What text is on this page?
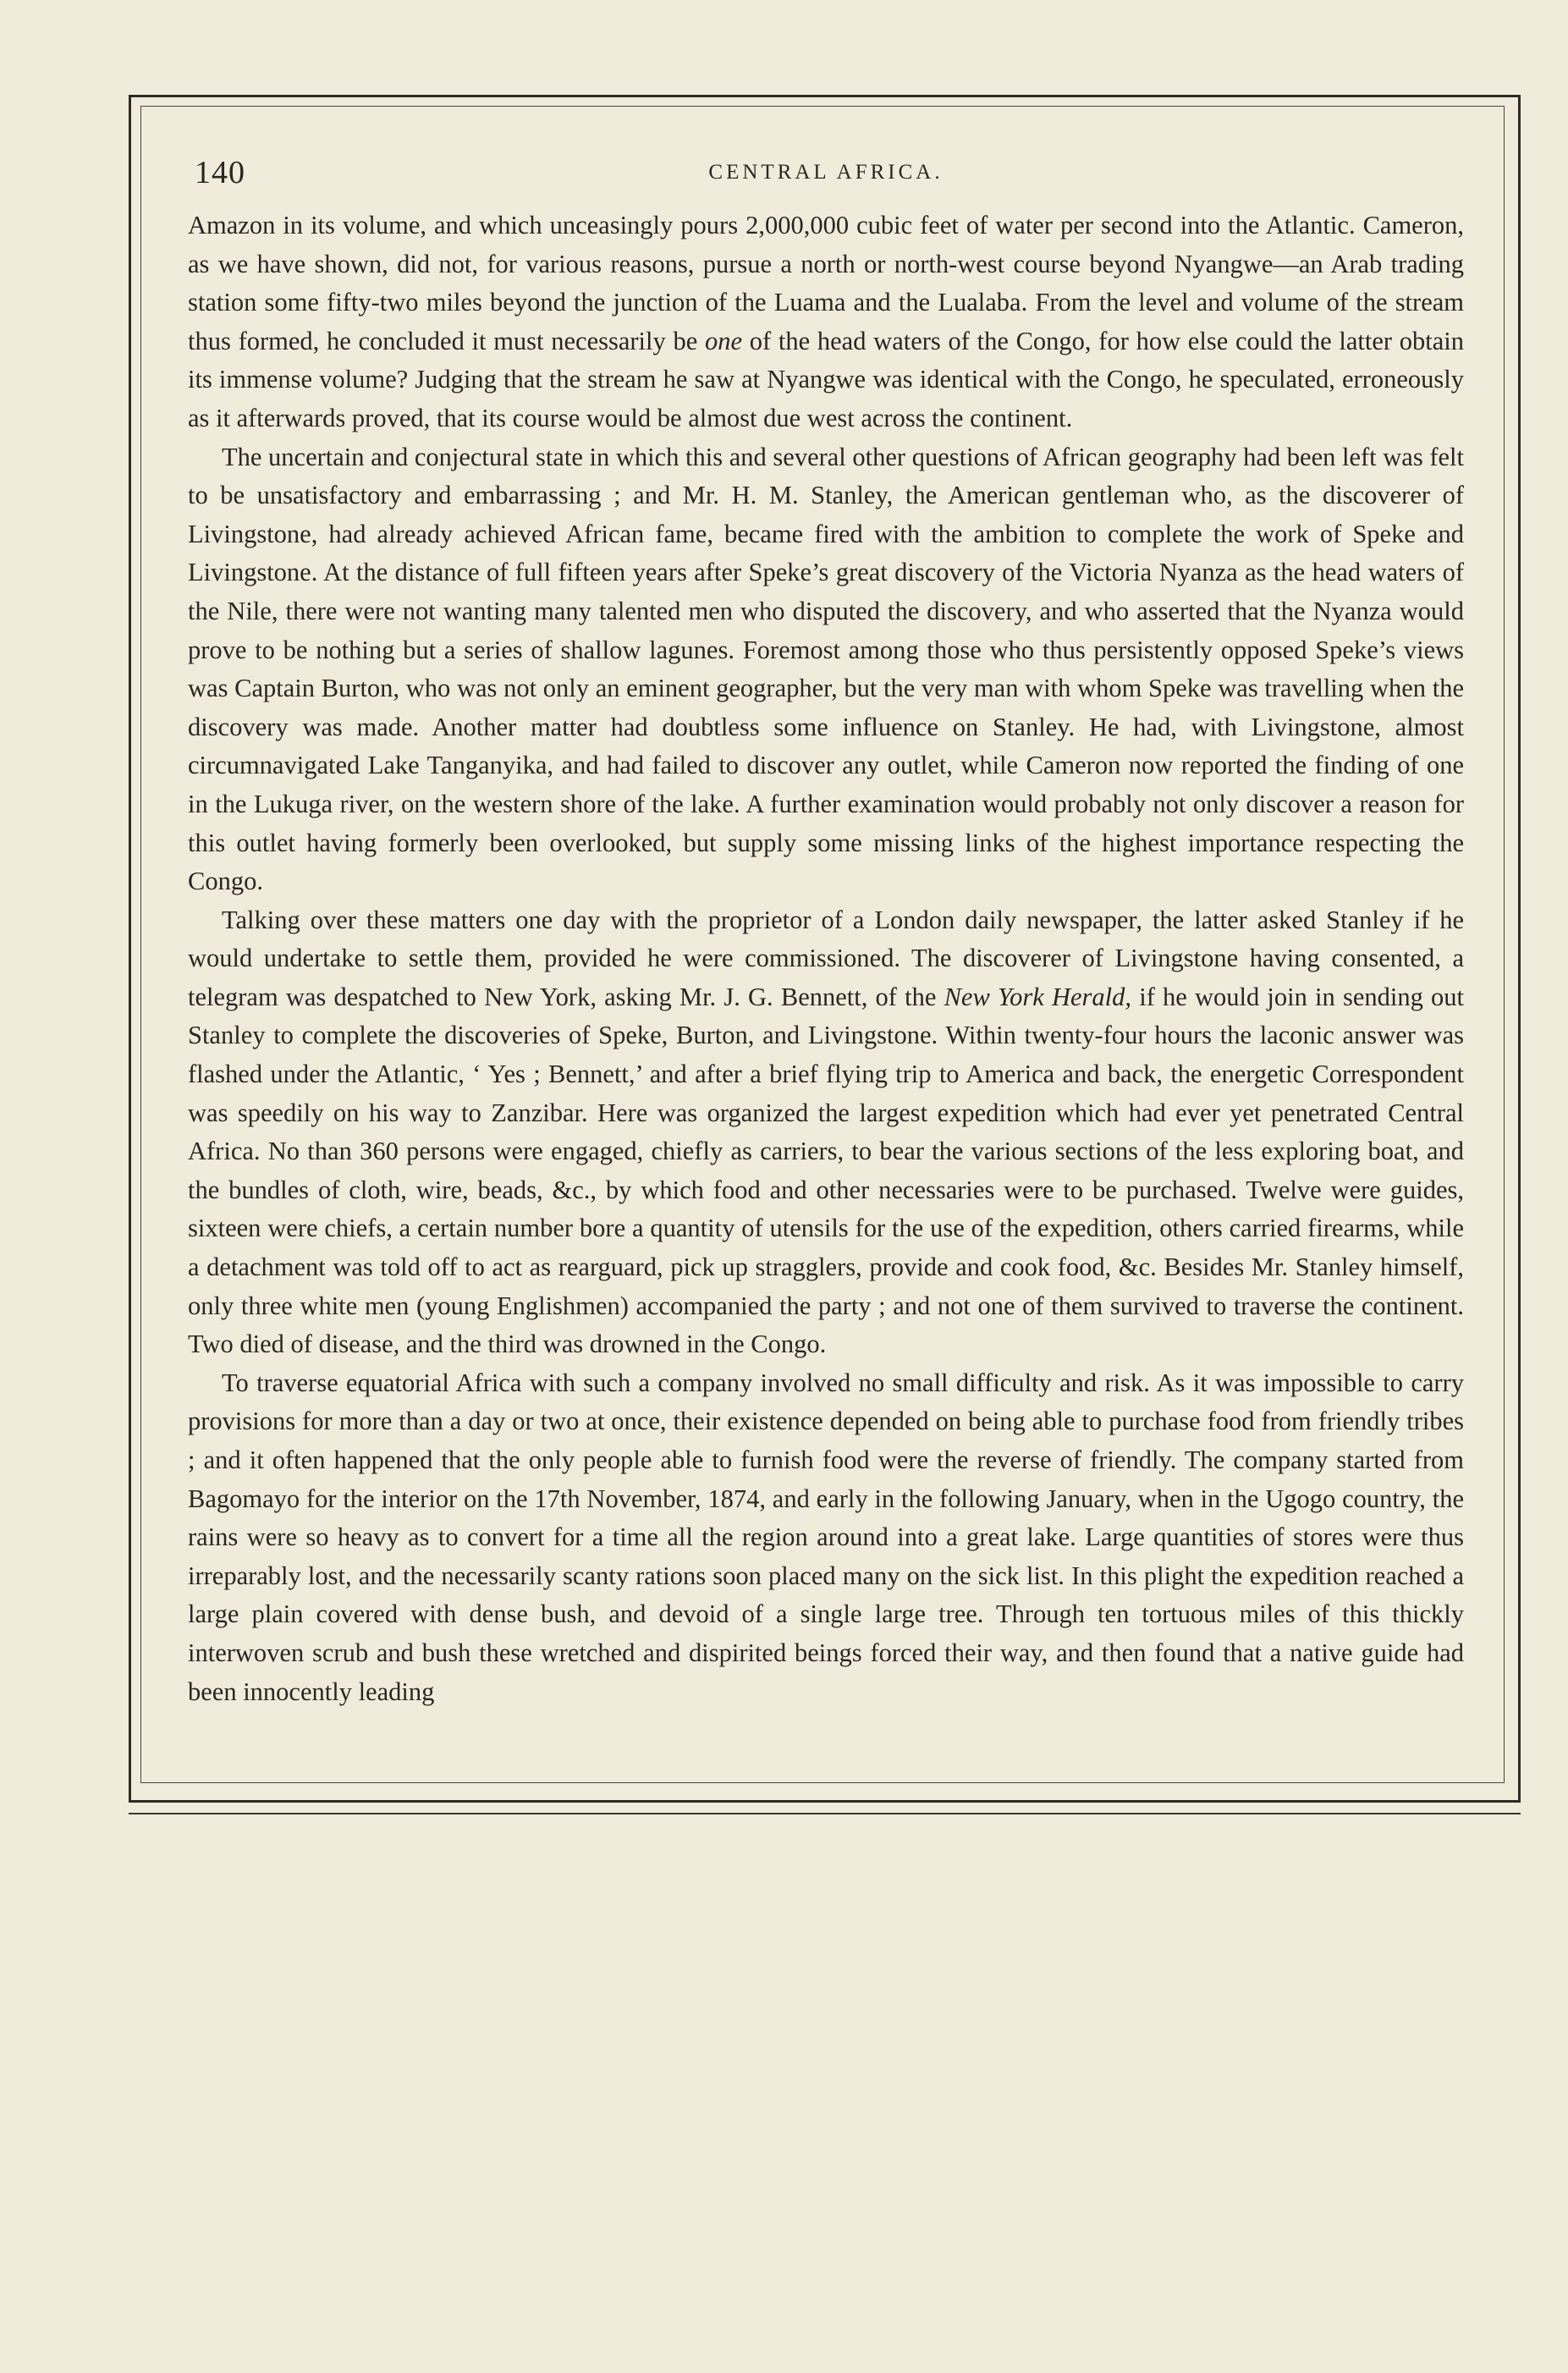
140	CENTRAL AFRICA.

Amazon in its volume, and which unceasingly pours 2,000,000 cubic feet of water per second into the Atlantic. Cameron, as we have shown, did not, for various reasons, pursue a north or north-west course beyond Nyangwe—an Arab trading station some fifty-two miles beyond the junction of the Luama and the Lualaba. From the level and volume of the stream thus formed, he concluded it must necessarily be one of the head waters of the Congo, for how else could the latter obtain its immense volume? Judging that the stream he saw at Nyangwe was identical with the Congo, he speculated, erroneously as it afterwards proved, that its course would be almost due west across the continent.

The uncertain and conjectural state in which this and several other questions of African geography had been left was felt to be unsatisfactory and embarrassing ; and Mr. H. M. Stanley, the American gentleman who, as the discoverer of Livingstone, had already achieved African fame, became fired with the ambition to complete the work of Speke and Livingstone. At the distance of full fifteen years after Speke’s great discovery of the Victoria Nyanza as the head waters of the Nile, there were not wanting many talented men who disputed the discovery, and who asserted that the Nyanza would prove to be nothing but a series of shallow lagunes. Foremost among those who thus persistently opposed Speke’s views was Captain Burton, who was not only an eminent geographer, but the very man with whom Speke was travelling when the discovery was made. Another matter had doubtless some influence on Stanley. He had, with Livingstone, almost circumnavigated Lake Tanganyika, and had failed to discover any outlet, while Cameron now reported the finding of one in the Lukuga river, on the western shore of the lake. A further examination would probably not only discover a reason for this outlet having formerly been overlooked, but supply some missing links of the highest importance respecting the Congo.

Talking over these matters one day with the proprietor of a London daily newspaper, the latter asked Stanley if he would undertake to settle them, provided he were commissioned. The discoverer of Livingstone having consented, a telegram was despatched to New York, asking Mr. J. G. Bennett, of the New York Herald, if he would join in sending out Stanley to complete the discoveries of Speke, Burton, and Livingstone. Within twenty-four hours the laconic answer was flashed under the Atlantic, ‘ Yes ; Bennett,’ and after a brief flying trip to America and back, the energetic Correspondent was speedily on his way to Zanzibar. Here was organized the largest expedition which had ever yet penetrated Central Africa. No than 360 persons were engaged, chiefly as carriers, to bear the various sections of the less exploring boat, and the bundles of cloth, wire, beads, &c., by which food and other necessaries were to be purchased. Twelve were guides, sixteen were chiefs, a certain number bore a quantity of utensils for the use of the expedition, others carried firearms, while a detachment was told off to act as rearguard, pick up stragglers, provide and cook food, &c. Besides Mr. Stanley himself, only three white men (young Englishmen) accompanied the party ; and not one of them survived to traverse the continent. Two died of disease, and the third was drowned in the Congo.

To traverse equatorial Africa with such a company involved no small difficulty and risk. As it was impossible to carry provisions for more than a day or two at once, their existence depended on being able to purchase food from friendly tribes ; and it often happened that the only people able to furnish food were the reverse of friendly. The company started from Bagomayo for the interior on the 17th November, 1874, and early in the following January, when in the Ugogo country, the rains were so heavy as to convert for a time all the region around into a great lake. Large quantities of stores were thus irreparably lost, and the necessarily scanty rations soon placed many on the sick list. In this plight the expedition reached a large plain covered with dense bush, and devoid of a single large tree. Through ten tortuous miles of this thickly interwoven scrub and bush these wretched and dispirited beings forced their way, and then found that a native guide had been innocently leading
